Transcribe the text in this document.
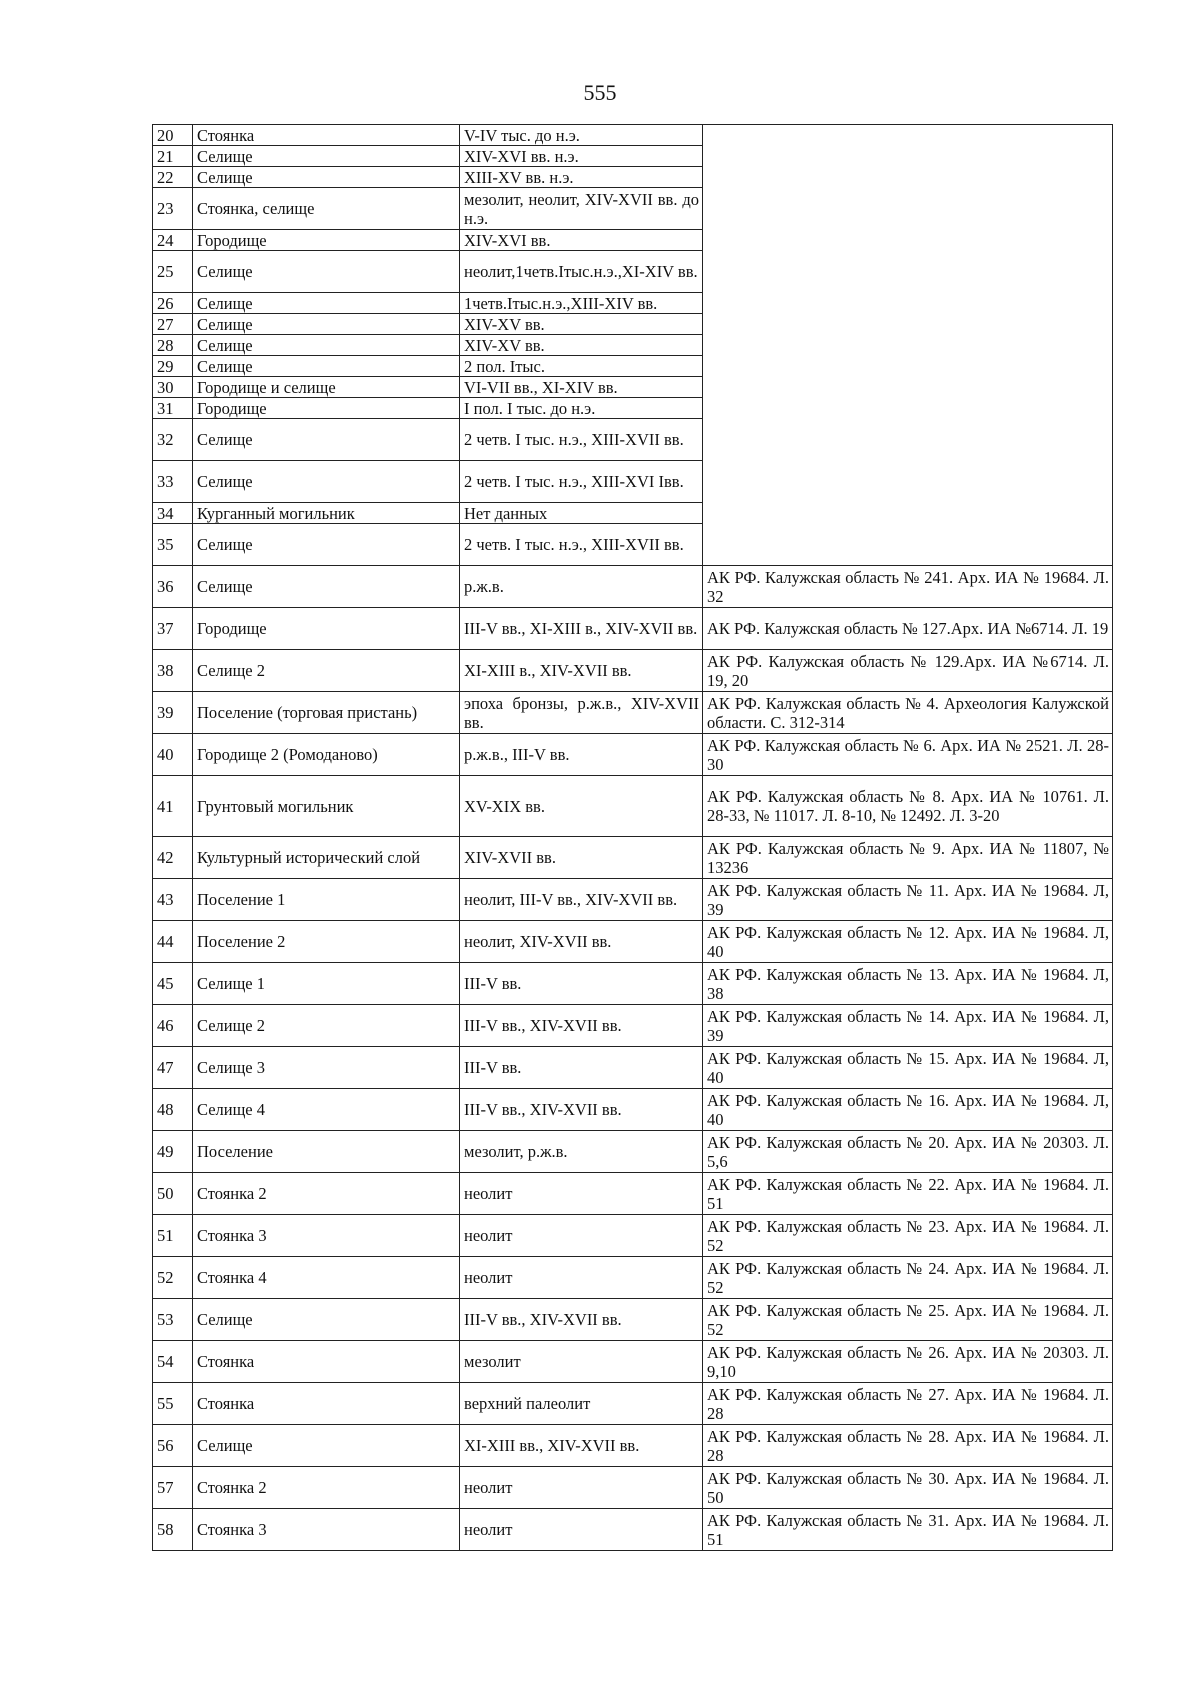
555
20	Стоянка	V-IV тыс. до н.э.	
21	Селище	XIV-XVI вв. н.э.	
22	Селище	XIII-XV вв. н.э.	
23	Стоянка, селище	мезолит, неолит, XIV-XVII вв. до н.э.	
24	Городище	XIV-XVI вв.	
25	Селище	неолит,1четв.Iтыс.н.э.,XI-XIV вв.	
26	Селище	1четв.Iтыс.н.э.,XIII-XIV вв.	
27	Селище	XIV-XV вв.	
28	Селище	XIV-XV вв.	
29	Селище	2 пол. Iтыс.	
30	Городище и селище	VI-VII вв., XI-XIV вв.	
31	Городище	I пол. I тыс. до н.э.	
32	Селище	2 четв. I тыс. н.э., XIII-XVII вв.	
33	Селище	2 четв. I тыс. н.э., XIII-XVI Iвв.	
34	Курганный могильник	Нет данных	
35	Селище	2 четв. I тыс. н.э., XIII-XVII вв.	
36	Селище	р.ж.в.	АК РФ. Калужская область № 241. Арх. ИА № 19684. Л. 32
37	Городище	III-V вв., XI-XIII в., XIV-XVII вв.	АК РФ. Калужская область № 127.Арх. ИА №6714. Л. 19
38	Селище 2	XI-XIII в., XIV-XVII вв.	АК РФ. Калужская область № 129.Арх. ИА №6714. Л. 19, 20
39	Поселение (торговая пристань)	эпоха бронзы, р.ж.в., XIV-XVII вв.	АК РФ. Калужская область № 4. Археология Калужской области. С. 312-314
40	Городище 2 (Ромоданово)	р.ж.в., III-V вв.	АК РФ. Калужская область № 6. Арх. ИА № 2521. Л. 28-30
41	Грунтовый могильник	XV-XIX вв.	АК РФ. Калужская область № 8. Арх. ИА № 10761. Л. 28-33, № 11017. Л. 8-10, № 12492. Л. 3-20
42	Культурный исторический слой	XIV-XVII вв.	АК РФ. Калужская область № 9. Арх. ИА № 11807, № 13236
43	Поселение 1	неолит, III-V вв., XIV-XVII вв.	АК РФ. Калужская область № 11. Арх. ИА № 19684. Л, 39
44	Поселение 2	неолит, XIV-XVII вв.	АК РФ. Калужская область № 12. Арх. ИА № 19684. Л, 40
45	Селище 1	III-V вв.	АК РФ. Калужская область № 13. Арх. ИА № 19684. Л, 38
46	Селище 2	III-V вв., XIV-XVII вв.	АК РФ. Калужская область № 14. Арх. ИА № 19684. Л, 39
47	Селище 3	III-V вв.	АК РФ. Калужская область № 15. Арх. ИА № 19684. Л, 40
48	Селище 4	III-V вв., XIV-XVII вв.	АК РФ. Калужская область № 16. Арх. ИА № 19684. Л, 40
49	Поселение	мезолит, р.ж.в.	АК РФ. Калужская область № 20. Арх. ИА № 20303. Л. 5,6
50	Стоянка 2	неолит	АК РФ. Калужская область № 22. Арх. ИА № 19684. Л. 51
51	Стоянка 3	неолит	АК РФ. Калужская область № 23. Арх. ИА № 19684. Л. 52
52	Стоянка 4	неолит	АК РФ. Калужская область № 24. Арх. ИА № 19684. Л. 52
53	Селище	III-V вв., XIV-XVII вв.	АК РФ. Калужская область № 25. Арх. ИА № 19684. Л. 52
54	Стоянка	мезолит	АК РФ. Калужская область № 26. Арх. ИА № 20303. Л. 9,10
55	Стоянка	верхний палеолит	АК РФ. Калужская область № 27. Арх. ИА № 19684. Л. 28
56	Селище	XI-XIII вв., XIV-XVII вв.	АК РФ. Калужская область № 28. Арх. ИА № 19684. Л. 28
57	Стоянка 2	неолит	АК РФ. Калужская область № 30. Арх. ИА № 19684. Л. 50
58	Стоянка 3	неолит	АК РФ. Калужская область № 31. Арх. ИА № 19684. Л. 51
